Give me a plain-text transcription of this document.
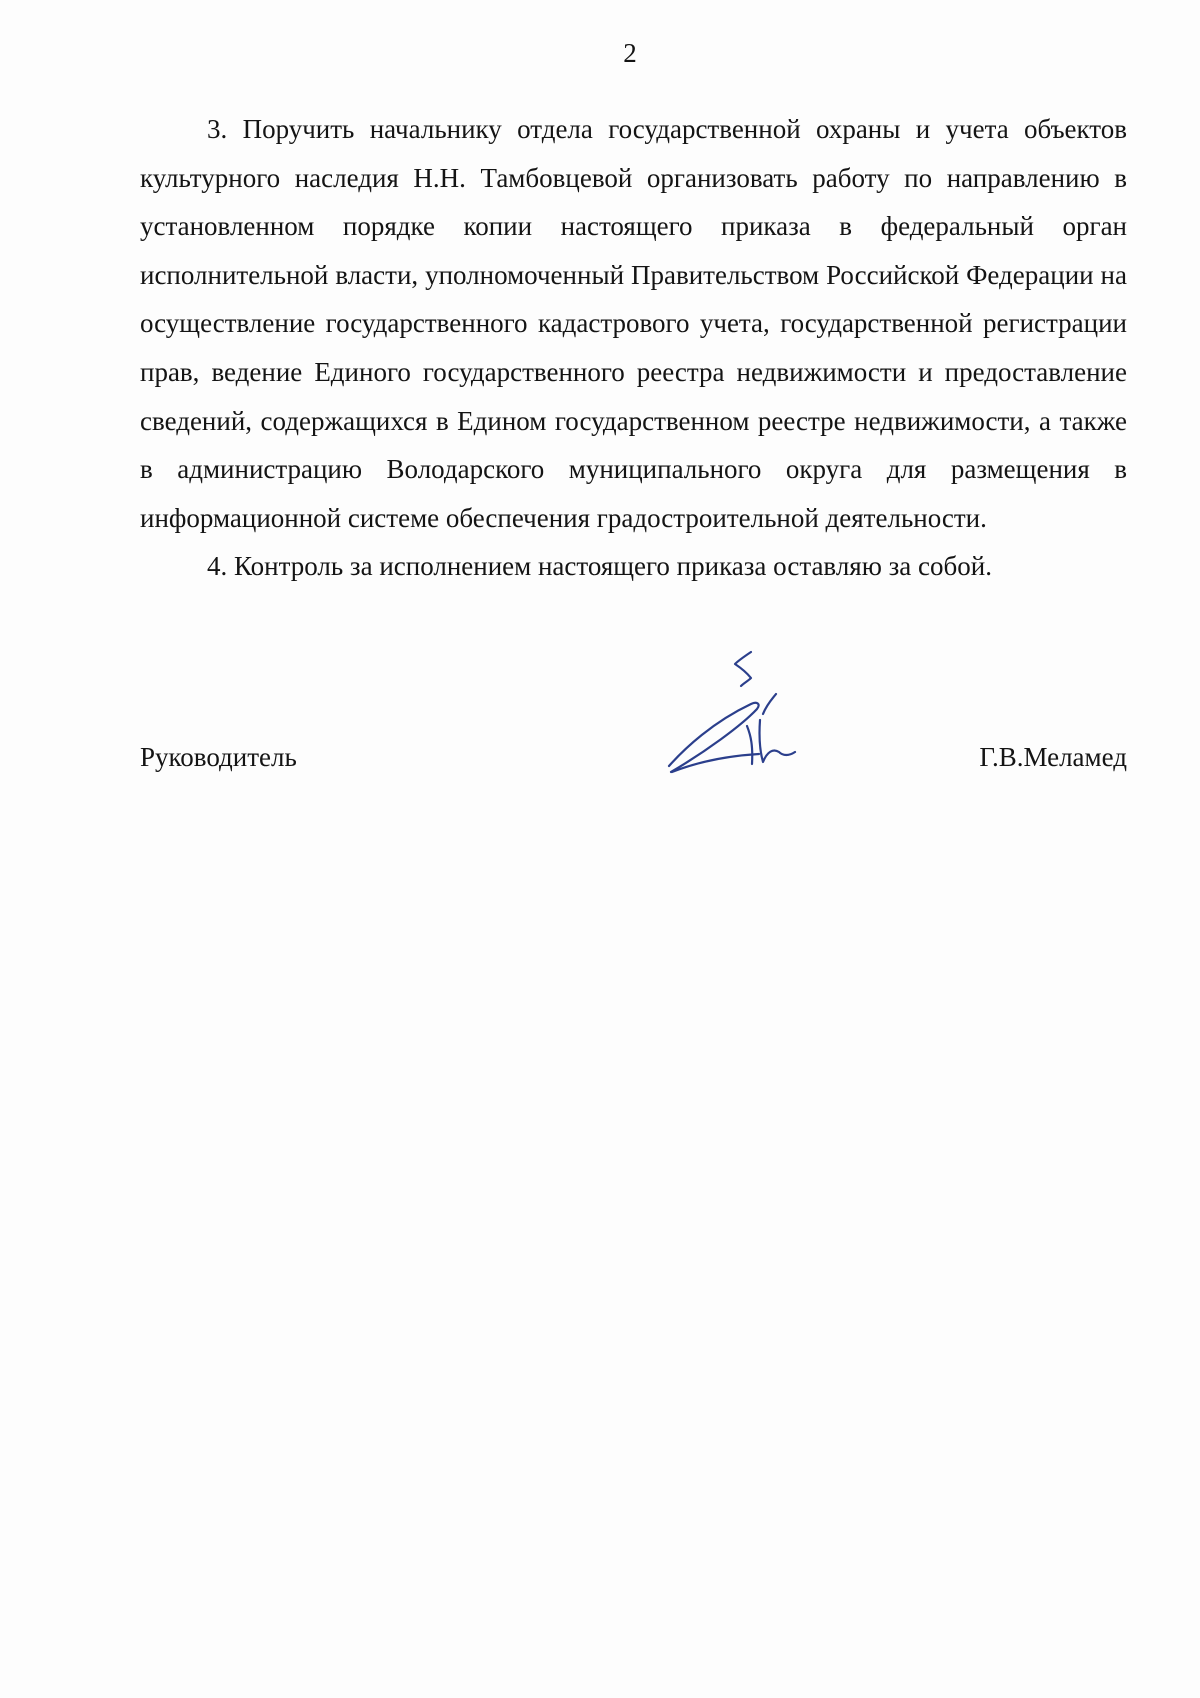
2

3. Поручить начальнику отдела государственной охраны и учета объектов культурного наследия Н.Н. Тамбовцевой организовать работу по направлению в установленном порядке копии настоящего приказа в федеральный орган исполнительной власти, уполномоченный Правительством Российской Федерации на осуществление государственного кадастрового учета, государственной регистрации прав, ведение Единого государственного реестра недвижимости и предоставление сведений, содержащихся в Едином государственном реестре недвижимости, а также в администрацию Володарского муниципального округа для размещения в информационной системе обеспечения градостроительной деятельности.

4. Контроль за исполнением настоящего приказа оставляю за собой.

Руководитель	Г.В.Меламед
